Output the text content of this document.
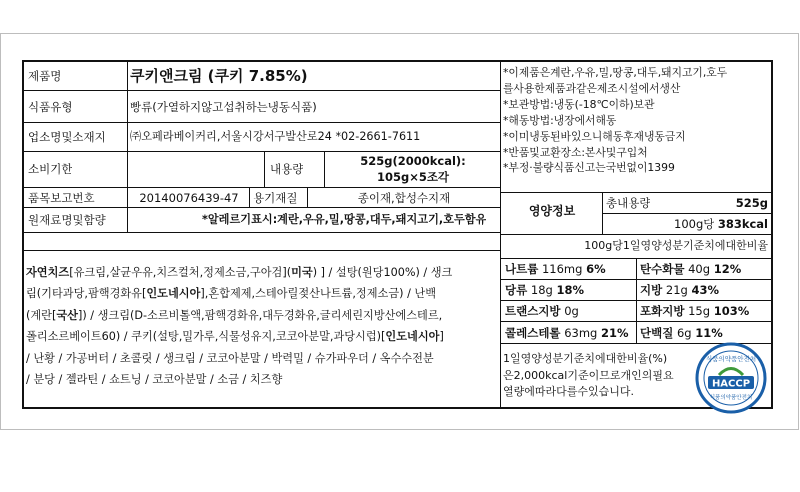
제품명	쿠키앤크림 (쿠키 7.85%)
식품유형	빵류(가열하지않고섭취하는냉동식품)
업소명및소재지 ㈜오페라베이커리,서울시강서구발산로24 *02-2661-7611
소비기한	내용량
525g(2000kcal):
105g×5조각
품목보고번호	20140076439-47	용기재질	종이재,합성수지재
원재료명및함량	*알레르기표시:계란,우유,밀,땅콩,대두,돼지고기,호두함유
자연치즈[유크림,살균우유,치즈컬처,정제소금,구아검](미국) ] / 설탕(원당100%) / 생크
림(기타과당,팜핵경화유[인도네시아],혼합제제,스테아릴젖산나트륨,정제소금) / 난백
(계란[국산]) / 생크림(D-소르비톨액,팜핵경화유,대두경화유,글리세린지방산에스테르,
폴리소르베이트60) / 쿠키(설탕,밀가루,식물성유지,코코아분말,과당시럽)[인도네시아]
/ 난황 / 가공버터 / 초콜릿 / 생크림 / 코코아분말 / 박력밀 / 슈가파우더 / 옥수수전분
/ 분당 / 젤라틴 / 쇼트닝 / 코코아분말 / 소금 / 치즈향
*이제품은계란,우유,밀,땅콩,대두,돼지고기,호두
를사용한제품과같은제조시설에서생산
*보관방법:냉동(-18℃이하)보관
*해동방법:냉장에서해동
*이미냉동된바있으니해동후재냉동금지
*반품및교환장소:본사및구입처
*부정·불량식품신고는국번없이1399
영양정보
총내용량	525g
100g당 383kcal
100g당1일영양성분기준치에대한비율
나트륨 116mg 6%	탄수화물 40g 12%
당류 18g 18%	지방 21g 43%
트랜스지방 0g	포화지방 15g 103%
콜레스테롤 63mg 21% 단백질 6g 11%
1일영양성분기준치에대한비율(%)
은2,000kcal기준이므로개인의필요
열량에따라다를수있습니다.
식품의약품안전처
HACCP
식품의약품안전처
